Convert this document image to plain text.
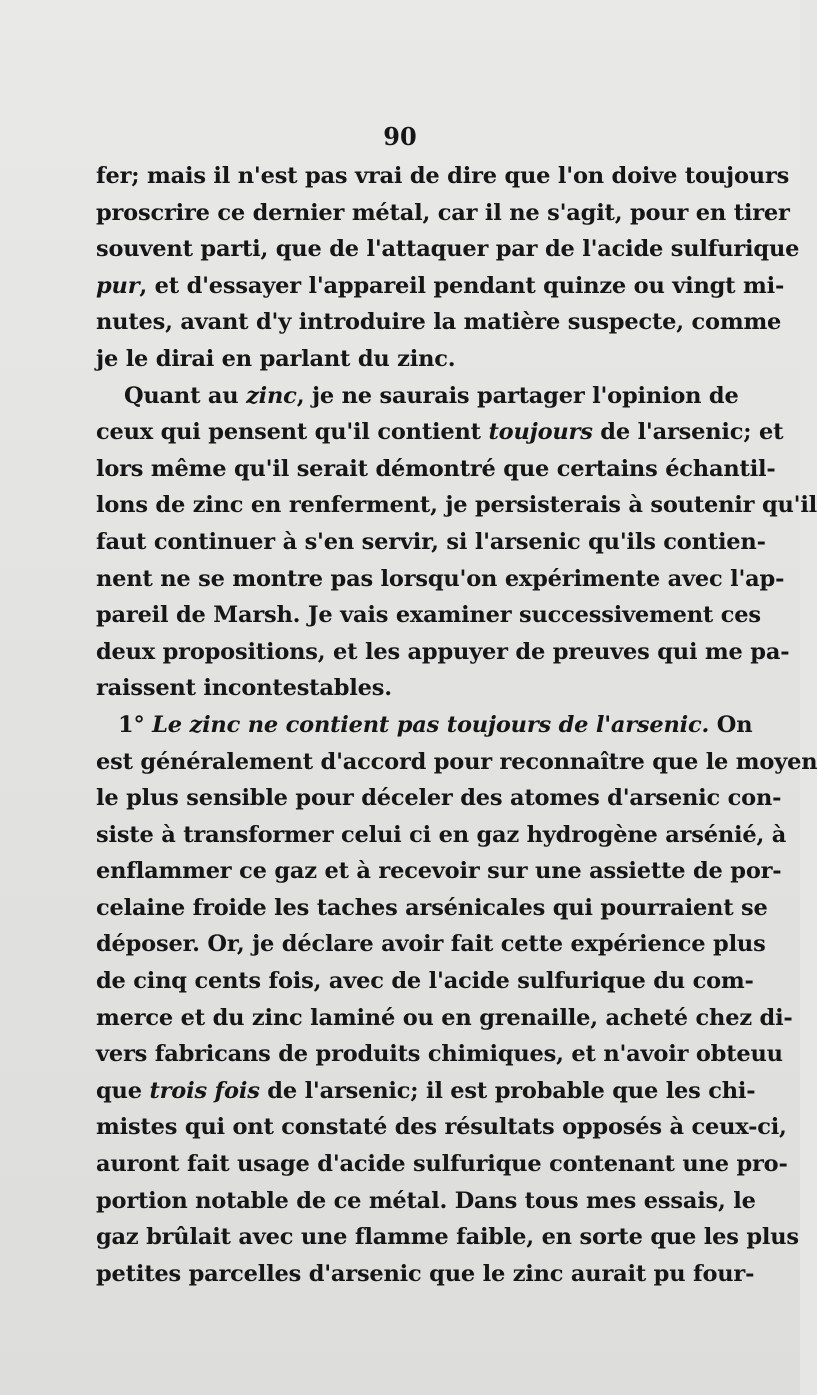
90
fer; mais il n'est pas vrai de dire que l'on doive toujours
proscrire ce dernier métal, car il ne s'agit, pour en tirer
souvent parti, que de l'attaquer par de l'acide sulfurique
pur, et d'essayer l'appareil pendant quinze ou vingt mi-
nutes, avant d'y introduire la matière suspecte, comme
je le dirai en parlant du zinc.
Quant au zinc, je ne saurais partager l'opinion de
ceux qui pensent qu'il contient toujours de l'arsenic; et
lors même qu'il serait démontré que certains échantil-
lons de zinc en renferment, je persisterais à soutenir qu'il
faut continuer à s'en servir, si l'arsenic qu'ils contien-
nent ne se montre pas lorsqu'on expérimente avec l'ap-
pareil de Marsh. Je vais examiner successivement ces
deux propositions, et les appuyer de preuves qui me pa-
raissent incontestables.
1° Le zinc ne contient pas toujours de l'arsenic. On
est généralement d'accord pour reconnaître que le moyen
le plus sensible pour déceler des atomes d'arsenic con-
siste à transformer celui ci en gaz hydrogène arsénié, à
enflammer ce gaz et à recevoir sur une assiette de por-
celaine froide les taches arsénicales qui pourraient se
déposer. Or, je déclare avoir fait cette expérience plus
de cinq cents fois, avec de l'acide sulfurique du com-
merce et du zinc laminé ou en grenaille, acheté chez di-
vers fabricans de produits chimiques, et n'avoir obteuu
que trois fois de l'arsenic; il est probable que les chi-
mistes qui ont constaté des résultats opposés à ceux-ci,
auront fait usage d'acide sulfurique contenant une pro-
portion notable de ce métal. Dans tous mes essais, le
gaz brûlait avec une flamme faible, en sorte que les plus
petites parcelles d'arsenic que le zinc aurait pu four-
